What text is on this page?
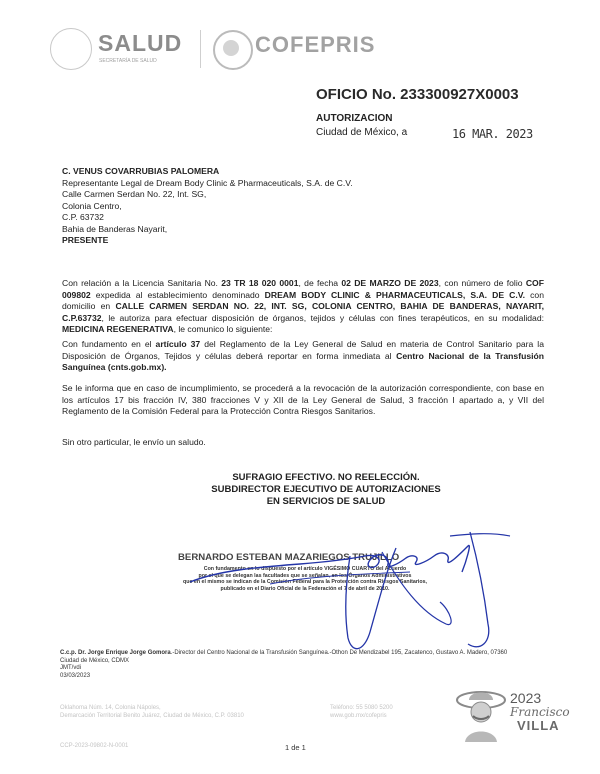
SALUD
SECRETARÍA DE SALUD
COFEPRIS
OFICIO No. 233300927X0003
AUTORIZACION
Ciudad de México, a	16 MAR. 2023
C. VENUS COVARRUBIAS PALOMERA
Representante Legal de Dream Body Clinic & Pharmaceuticals, S.A. de C.V.
Calle Carmen Serdan No. 22, Int. SG,
Colonia Centro,
C.P. 63732
Bahia de Banderas Nayarit,
PRESENTE
Con relación a la Licencia Sanitaria No. 23 TR 18 020 0001, de fecha 02 DE MARZO DE 2023, con número de folio COF 009802 expedida al establecimiento denominado DREAM BODY CLINIC & PHARMACEUTICALS, S.A. DE C.V. con domicilio en CALLE CARMEN SERDAN NO. 22, INT. SG, COLONIA CENTRO, BAHIA DE BANDERAS, NAYARIT, C.P.63732, le autoriza para efectuar disposición de órganos, tejidos y células con fines terapéuticos, en su modalidad: MEDICINA REGENERATIVA, le comunico lo siguiente:
Con fundamento en el artículo 37 del Reglamento de la Ley General de Salud en materia de Control Sanitario para la Disposición de Órganos, Tejidos y células deberá reportar en forma inmediata al Centro Nacional de la Transfusión Sanguínea (cnts.gob.mx).
Se le informa que en caso de incumplimiento, se procederá a la revocación de la autorización correspondiente, con base en los artículos 17 bis fracción IV, 380 fracciones V y XII de la Ley General de Salud, 3 fracción I apartado a, y VII del Reglamento de la Comisión Federal para la Protección Contra Riesgos Sanitarios.
Sin otro particular, le envío un saludo.
SUFRAGIO EFECTIVO. NO REELECCIÓN.
SUBDIRECTOR EJECUTIVO DE AUTORIZACIONES
EN SERVICIOS DE SALUD
BERNARDO ESTEBAN MAZARIEGOS TRUJILLO
Con fundamento en lo dispuesto por el artículo VIGÉSIMO CUARTO del Acuerdo
por el que se delegan las facultades que se señalan, en los Órganos Administrativos
que en el mismo se indican de la Comisión Federal para la Protección contra Riesgos Sanitarios,
publicado en el Diario Oficial de la Federación el 7 de abril de 2010.
C.c.p. Dr. Jorge Enrique Jorge Gomora.-Director del Centro Nacional de la Transfusión Sanguínea.-Othon De Mendizabel 195, Zacatenco, Gustavo A. Madero, 07360
Ciudad de México, CDMX
JMT/vdi
03/03/2023
Oklahoma Núm. 14, Colonia Nápoles,
Demarcación Territorial Benito Juárez, Ciudad de México, C.P. 03810
Teléfono: 55 5080 5200
www.gob.mx/cofepris
CCP-2023-09802-N-0001	1 de 1
2023
Francisco
VILLA
